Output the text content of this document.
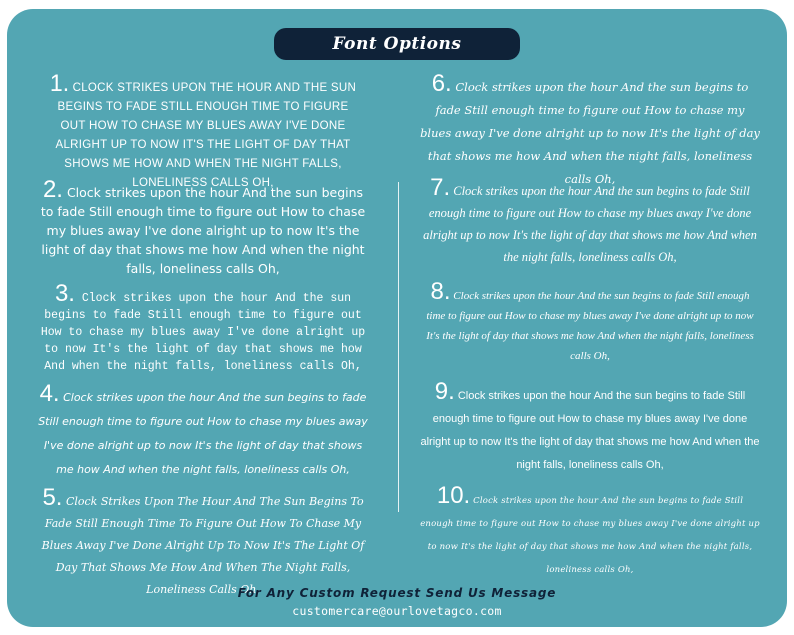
Font Options

1. CLOCK STRIKES UPON THE HOUR AND THE SUN BEGINS TO FADE STILL ENOUGH TIME TO FIGURE OUT HOW TO CHASE MY BLUES AWAY I'VE DONE ALRIGHT UP TO NOW IT'S THE LIGHT OF DAY THAT SHOWS ME HOW AND WHEN THE NIGHT FALLS, LONELINESS CALLS OH,

2. Clock strikes upon the hour And the sun begins to fade Still enough time to figure out How to chase my blues away I've done alright up to now It's the light of day that shows me how And when the night falls, loneliness calls Oh,

3. Clock strikes upon the hour And the sun begins to fade Still enough time to figure out How to chase my blues away I've done alright up to now It's the light of day that shows me how And when the night falls, loneliness calls Oh,

4. Clock strikes upon the hour And the sun begins to fade Still enough time to figure out How to chase my blues away I've done alright up to now It's the light of day that shows me how And when the night falls, loneliness calls Oh,

5. Clock Strikes Upon The Hour And The Sun Begins To Fade Still Enough Time To Figure Out How To Chase My Blues Away I've Done Alright Up To Now It's The Light Of Day That Shows Me How And When The Night Falls, Loneliness Calls Oh,

6. Clock strikes upon the hour And the sun begins to fade Still enough time to figure out How to chase my blues away I've done alright up to now It's the light of day that shows me how And when the night falls, loneliness calls Oh,

7. Clock strikes upon the hour And the sun begins to fade Still enough time to figure out How to chase my blues away I've done alright up to now It's the light of day that shows me how And when the night falls, loneliness calls Oh,

8. Clock strikes upon the hour And the sun begins to fade Still enough time to figure out How to chase my blues away I've done alright up to now It's the light of day that shows me how And when the night falls, loneliness calls Oh,

9. Clock strikes upon the hour And the sun begins to fade Still enough time to figure out How to chase my blues away I've done alright up to now It's the light of day that shows me how And when the night falls, loneliness calls Oh,

10. Clock strikes upon the hour And the sun begins to fade Still enough time to figure out How to chase my blues away I've done alright up to now It's the light of day that shows me how And when the night falls, loneliness calls Oh,

For Any Custom Request Send Us Message
customercare@ourlovetagco.com
